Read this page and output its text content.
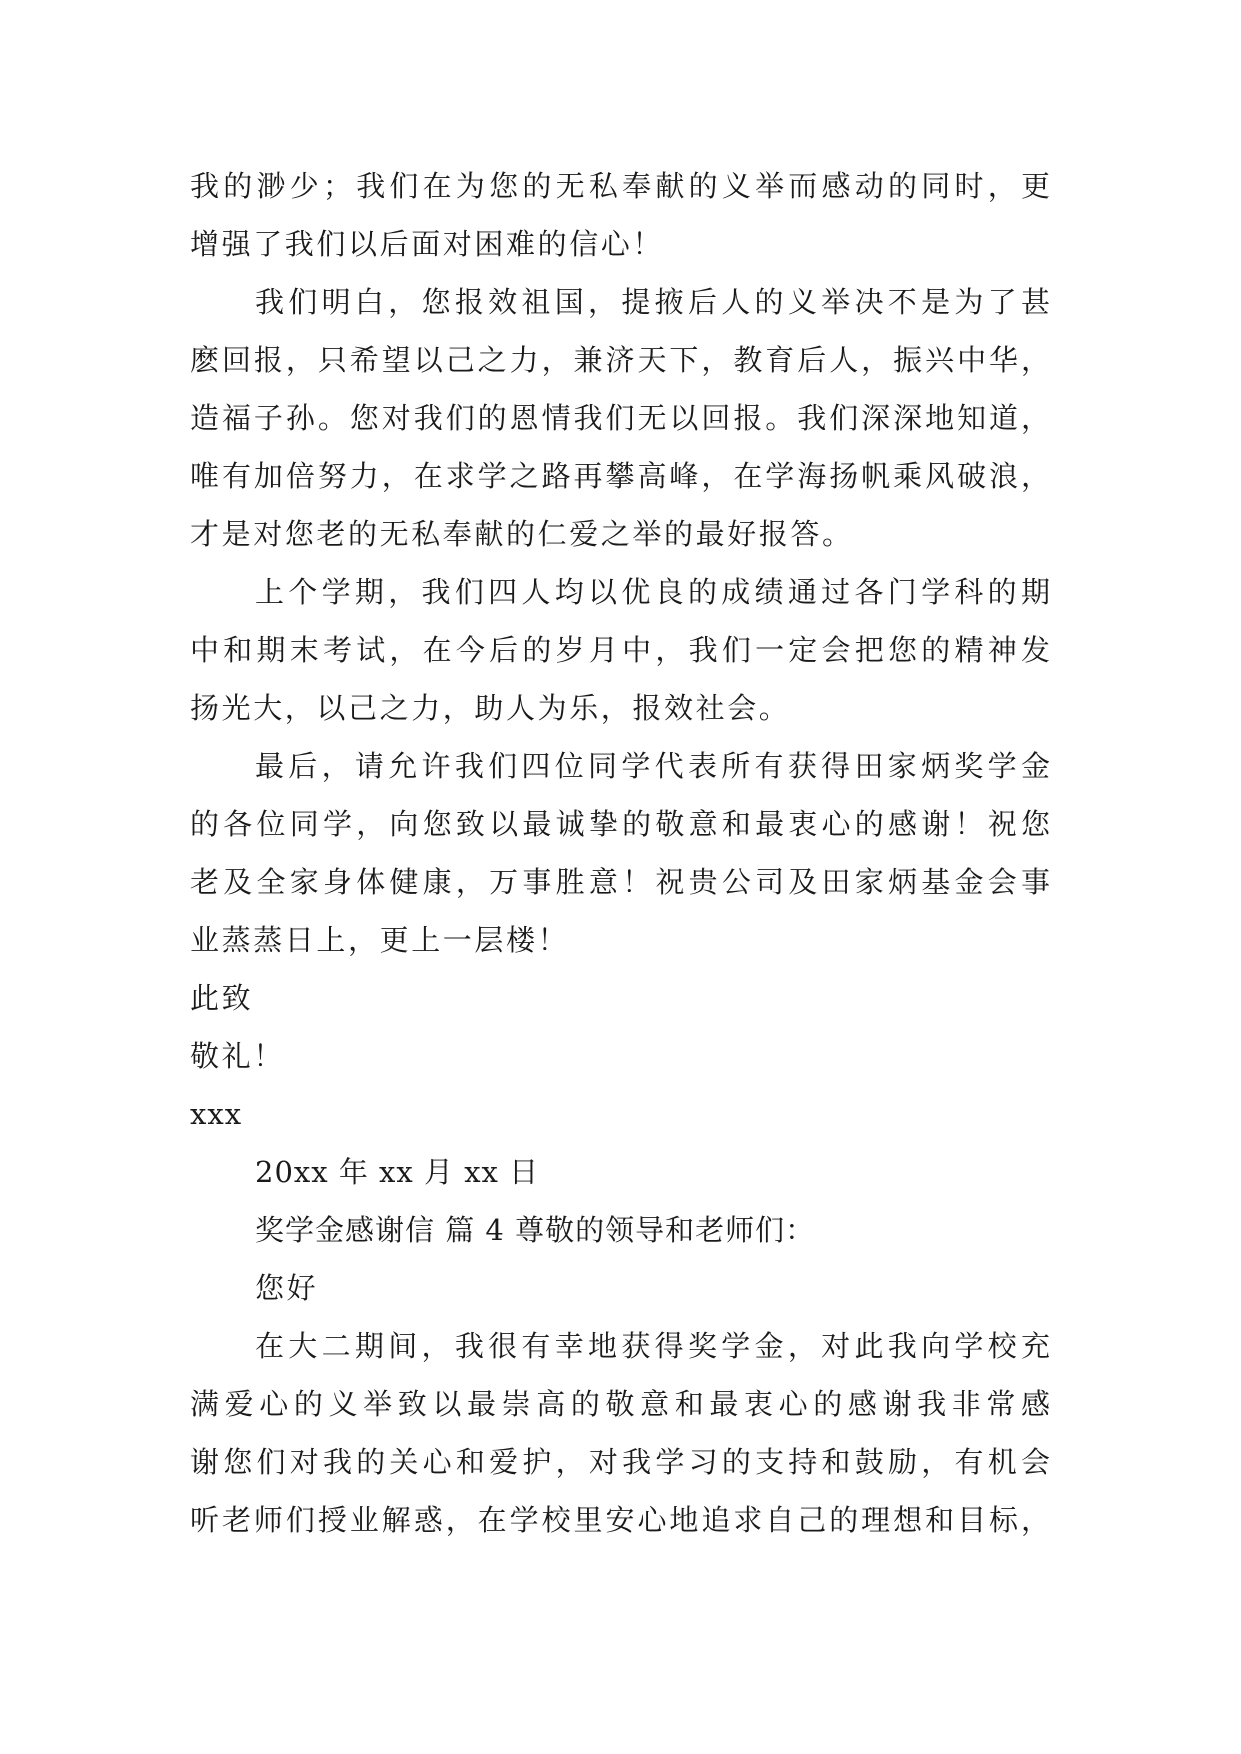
我的渺少；我们在为您的无私奉献的义举而感动的同时，更
增强了我们以后面对困难的信心！
我们明白，您报效祖国，提掖后人的义举决不是为了甚
麽回报，只希望以己之力，兼济天下，教育后人，振兴中华，
造福子孙。您对我们的恩情我们无以回报。我们深深地知道，
唯有加倍努力，在求学之路再攀高峰，在学海扬帆乘风破浪，
才是对您老的无私奉献的仁爱之举的最好报答。
上个学期，我们四人均以优良的成绩通过各门学科的期
中和期末考试，在今后的岁月中，我们一定会把您的精神发
扬光大，以己之力，助人为乐，报效社会。
最后，请允许我们四位同学代表所有获得田家炳奖学金
的各位同学，向您致以最诚挚的敬意和最衷心的感谢！祝您
老及全家身体健康，万事胜意！祝贵公司及田家炳基金会事
业蒸蒸日上，更上一层楼！
此致
敬礼！
xxx
20xx 年 xx 月 xx 日
奖学金感谢信 篇 4 尊敬的领导和老师们：
您好
在大二期间，我很有幸地获得奖学金，对此我向学校充
满爱心的义举致以最崇高的敬意和最衷心的感谢我非常感
谢您们对我的关心和爱护，对我学习的支持和鼓励，有机会
听老师们授业解惑，在学校里安心地追求自己的理想和目标，
